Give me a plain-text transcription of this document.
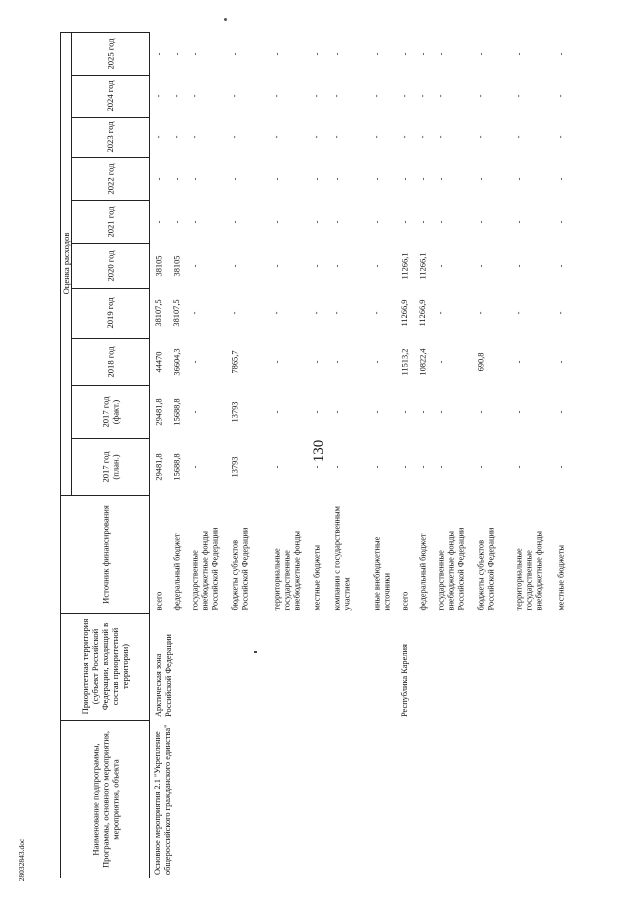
130
28032843.doc
Наименование подпрограммы, Программы, основного мероприятия, мероприятия, объекта
Приоритетная территория (субъект Российской Федерации, входящий в состав приоритетной территории)
Источник финансирования
Оценка расходов
2017 год (план.)
2017 год (факт.)
2018 год
2019 год
2020 год
2021 год
2022 год
2023 год
2024 год
2025 год
Основное мероприятия 2.1 "Укрепление общероссийского гражданского единства"
Арктическая зона Российской Федерации
всего
29481,8
29481,8
44470
38107,5
38105
-
-
-
-
-
федеральный бюджет
15688,8
15688,8
36604,3
38107,5
38105
-
-
-
-
-
государственные внебюджетные фонды Российской Федерации
-
-
-
-
-
-
-
-
-
-
бюджеты субъектов Российской Федерации
13793
13793
7865,7
-
-
-
-
-
-
-
территориальные государственные внебюджетные фонды
-
-
-
-
-
-
-
-
-
-
местные бюджеты
-
-
-
-
-
-
-
-
-
-
компании с государственным участием
-
-
-
-
-
-
-
-
-
-
иные внебюджетные источники
-
-
-
-
-
-
-
-
-
-
Республика Карелия
всего
-
-
11513,2
11266,9
11266,1
-
-
-
-
-
федеральный бюджет
-
-
10822,4
11266,9
11266,1
-
-
-
-
-
государственные внебюджетные фонды Российской Федерации
-
-
-
-
-
-
-
-
-
-
бюджеты субъектов Российской Федерации
-
-
690,8
-
-
-
-
-
-
-
территориальные государственные внебюджетные фонды
-
-
-
-
-
-
-
-
-
-
местные бюджеты
-
-
-
-
-
-
-
-
-
-
